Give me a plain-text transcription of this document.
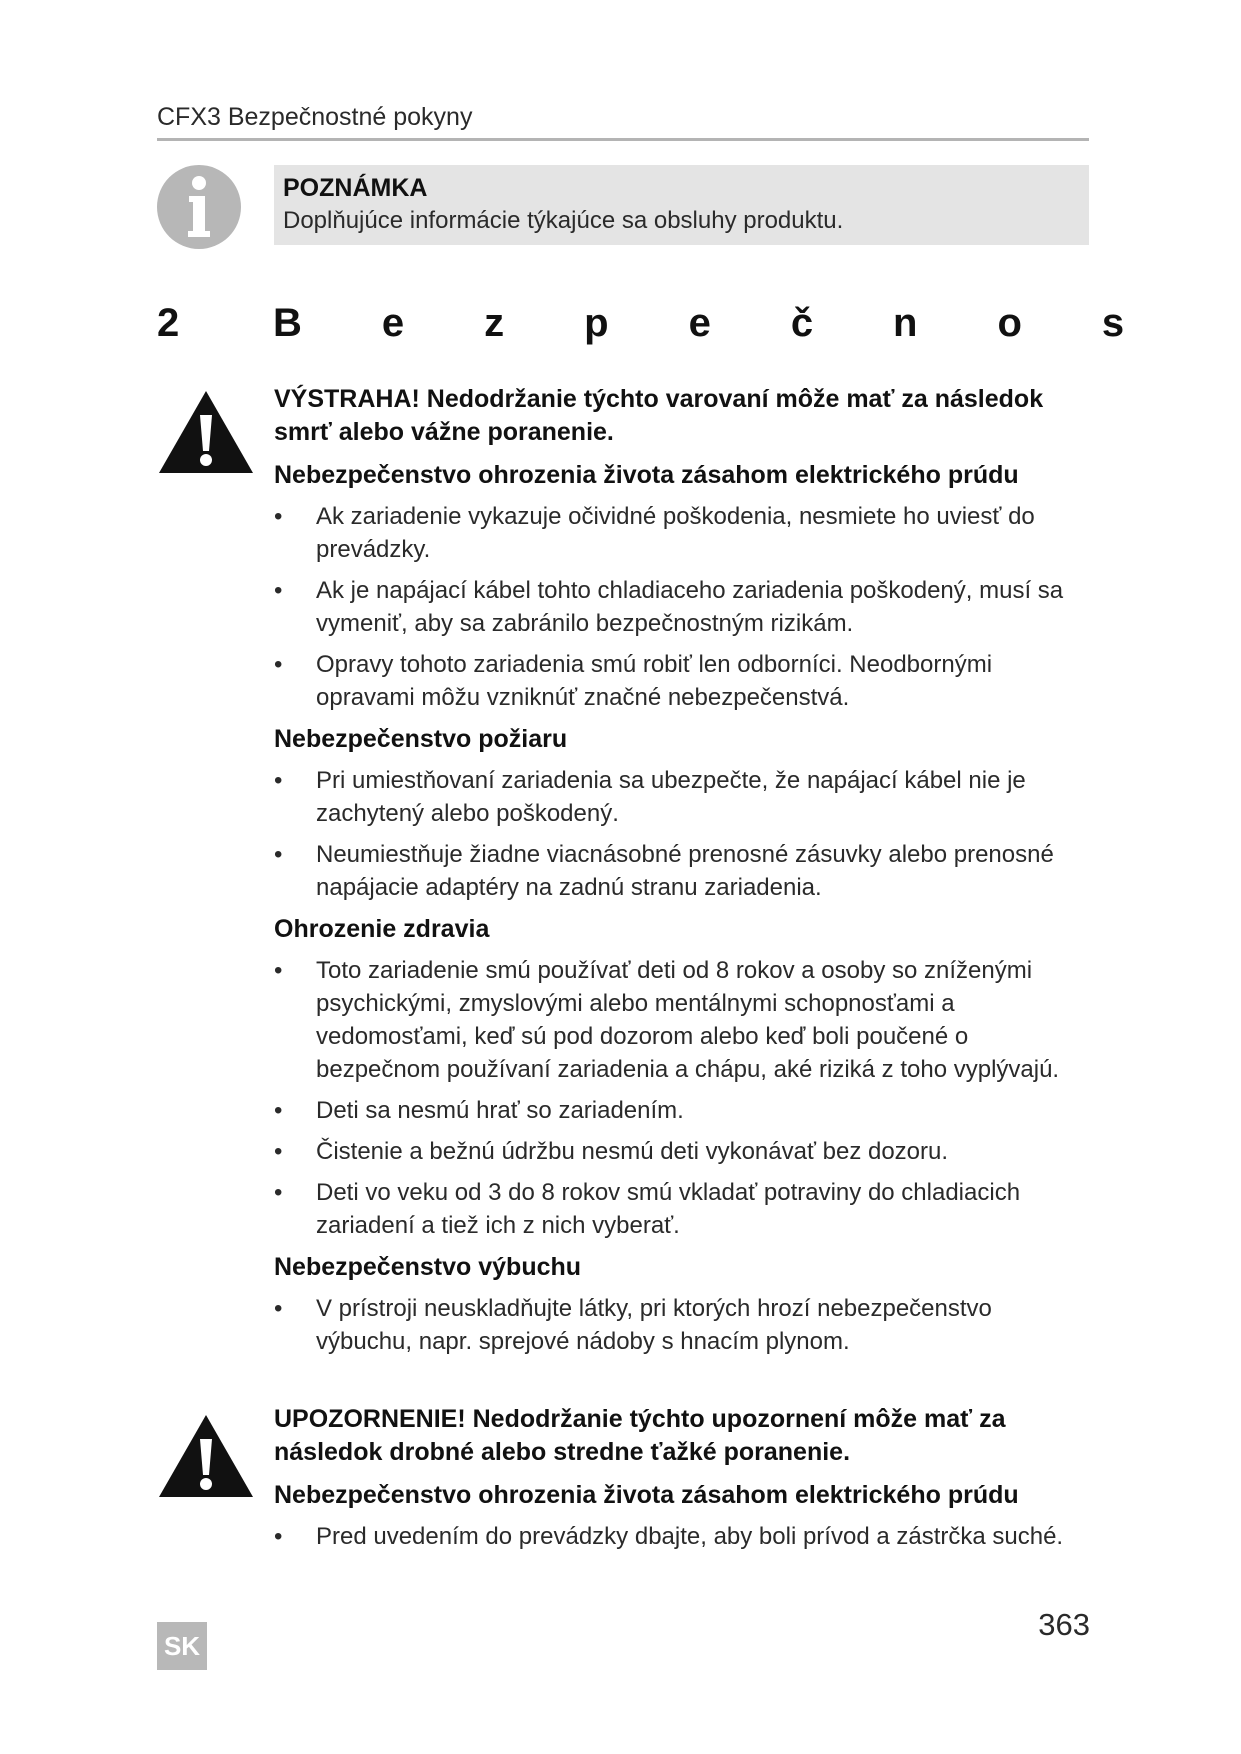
CFX3 Bezpečnostné pokyny
POZNÁMKA
Doplňujúce informácie týkajúce sa obsluhy produktu.
2 Bezpečnos
VÝSTRAHA! Nedodržanie týchto varovaní môže mať za následok smrť alebo vážne poranenie.
Nebezpečenstvo ohrozenia života zásahom elektrického prúdu
•	Ak zariadenie vykazuje očividné poškodenia, nesmiete ho uviesť do prevádzky.
•	Ak je napájací kábel tohto chladiaceho zariadenia poškodený, musí sa vymeniť, aby sa zabránilo bezpečnostným rizikám.
•	Opravy tohoto zariadenia smú robiť len odborníci. Neodbornými opravami môžu vzniknúť značné nebezpečenstvá.
Nebezpečenstvo požiaru
•	Pri umiestňovaní zariadenia sa ubezpečte, že napájací kábel nie je zachytený alebo poškodený.
•	Neumiestňuje žiadne viacnásobné prenosné zásuvky alebo prenosné napájacie adaptéry na zadnú stranu zariadenia.
Ohrozenie zdravia
•	Toto zariadenie smú používať deti od 8 rokov a osoby so zníženými psychickými, zmyslovými alebo mentálnymi schopnosťami a vedomosťami, keď sú pod dozorom alebo keď boli poučené o bezpečnom používaní zariadenia a chápu, aké riziká z toho vyplývajú.
•	Deti sa nesmú hrať so zariadením.
•	Čistenie a bežnú údržbu nesmú deti vykonávať bez dozoru.
•	Deti vo veku od 3 do 8 rokov smú vkladať potraviny do chladiacich zariadení a tiež ich z nich vyberať.
Nebezpečenstvo výbuchu
•	V prístroji neuskladňujte látky, pri ktorých hrozí nebezpečenstvo výbuchu, napr. sprejové nádoby s hnacím plynom.
UPOZORNENIE! Nedodržanie týchto upozornení môže mať za následok drobné alebo stredne ťažké poranenie.
Nebezpečenstvo ohrozenia života zásahom elektrického prúdu
•	Pred uvedením do prevádzky dbajte, aby boli prívod a zástrčka suché.
363
SK
